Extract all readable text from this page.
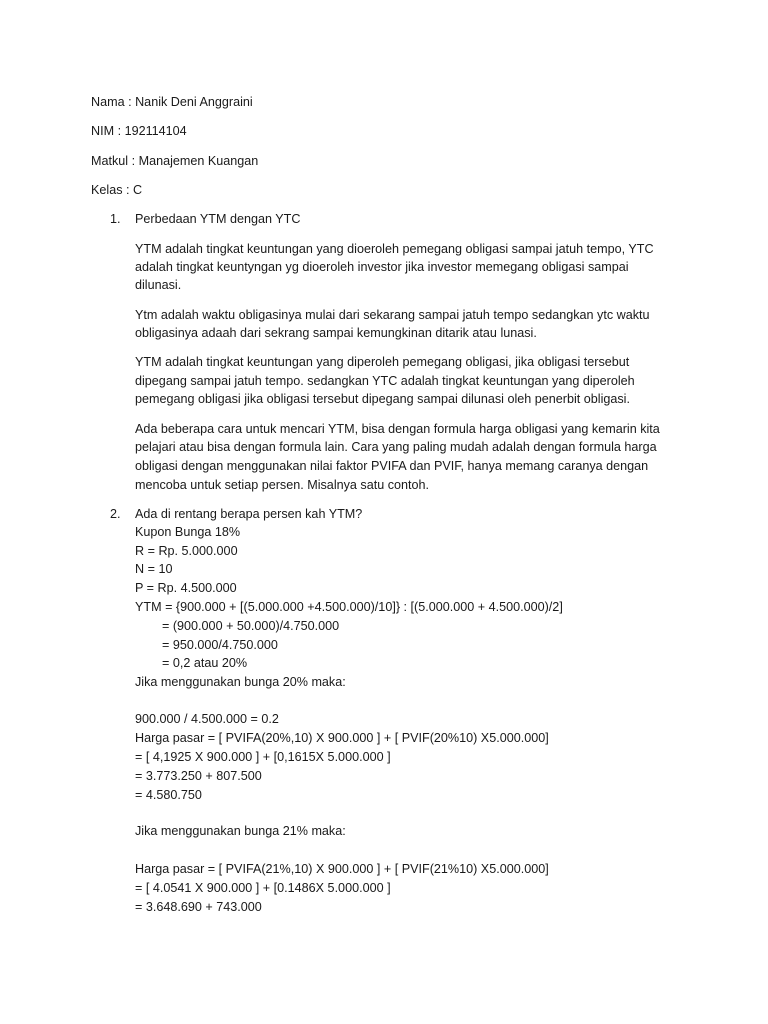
Nama : Nanik Deni Anggraini
NIM : 192114104
Matkul : Manajemen Kuangan
Kelas : C
1. Perbedaan YTM dengan YTC
YTM adalah tingkat keuntungan yang dioeroleh pemegang obligasi sampai jatuh tempo, YTC
adalah tingkat keuntyngan yg dioeroleh investor jika investor memegang obligasi sampai
dilunasi.
Ytm adalah waktu obligasinya mulai dari sekarang sampai jatuh tempo sedangkan ytc waktu
obligasinya adaah dari sekrang sampai kemungkinan ditarik atau lunasi.
YTM adalah tingkat keuntungan yang diperoleh pemegang obligasi, jika obligasi tersebut
dipegang sampai jatuh tempo. sedangkan YTC adalah tingkat keuntungan yang diperoleh
pemegang obligasi jika obligasi tersebut dipegang sampai dilunasi oleh penerbit obligasi.
Ada beberapa cara untuk mencari YTM, bisa dengan formula harga obligasi yang kemarin kita
pelajari atau bisa dengan formula lain. Cara yang paling mudah adalah dengan formula harga
obligasi dengan menggunakan nilai faktor PVIFA dan PVIF, hanya memang caranya dengan
mencoba untuk setiap persen. Misalnya satu contoh.
2. Ada di rentang berapa persen kah YTM?
Kupon Bunga 18%
R = Rp. 5.000.000
N = 10
P = Rp. 4.500.000
YTM = {900.000 + [(5.000.000 +4.500.000)/10]} : [(5.000.000 + 4.500.000)/2]
= (900.000 + 50.000)/4.750.000
= 950.000/4.750.000
= 0,2 atau 20%
Jika menggunakan bunga 20% maka:
900.000 / 4.500.000 = 0.2
Harga pasar = [ PVIFA(20%,10) X 900.000 ] + [ PVIF(20%10) X5.000.000]
= [ 4,1925 X 900.000 ] + [0,1615X 5.000.000 ]
= 3.773.250 + 807.500
= 4.580.750
Jika menggunakan bunga 21% maka:
Harga pasar = [ PVIFA(21%,10) X 900.000 ] + [ PVIF(21%10) X5.000.000]
= [ 4.0541 X 900.000 ] + [0.1486X 5.000.000 ]
= 3.648.690 + 743.000
